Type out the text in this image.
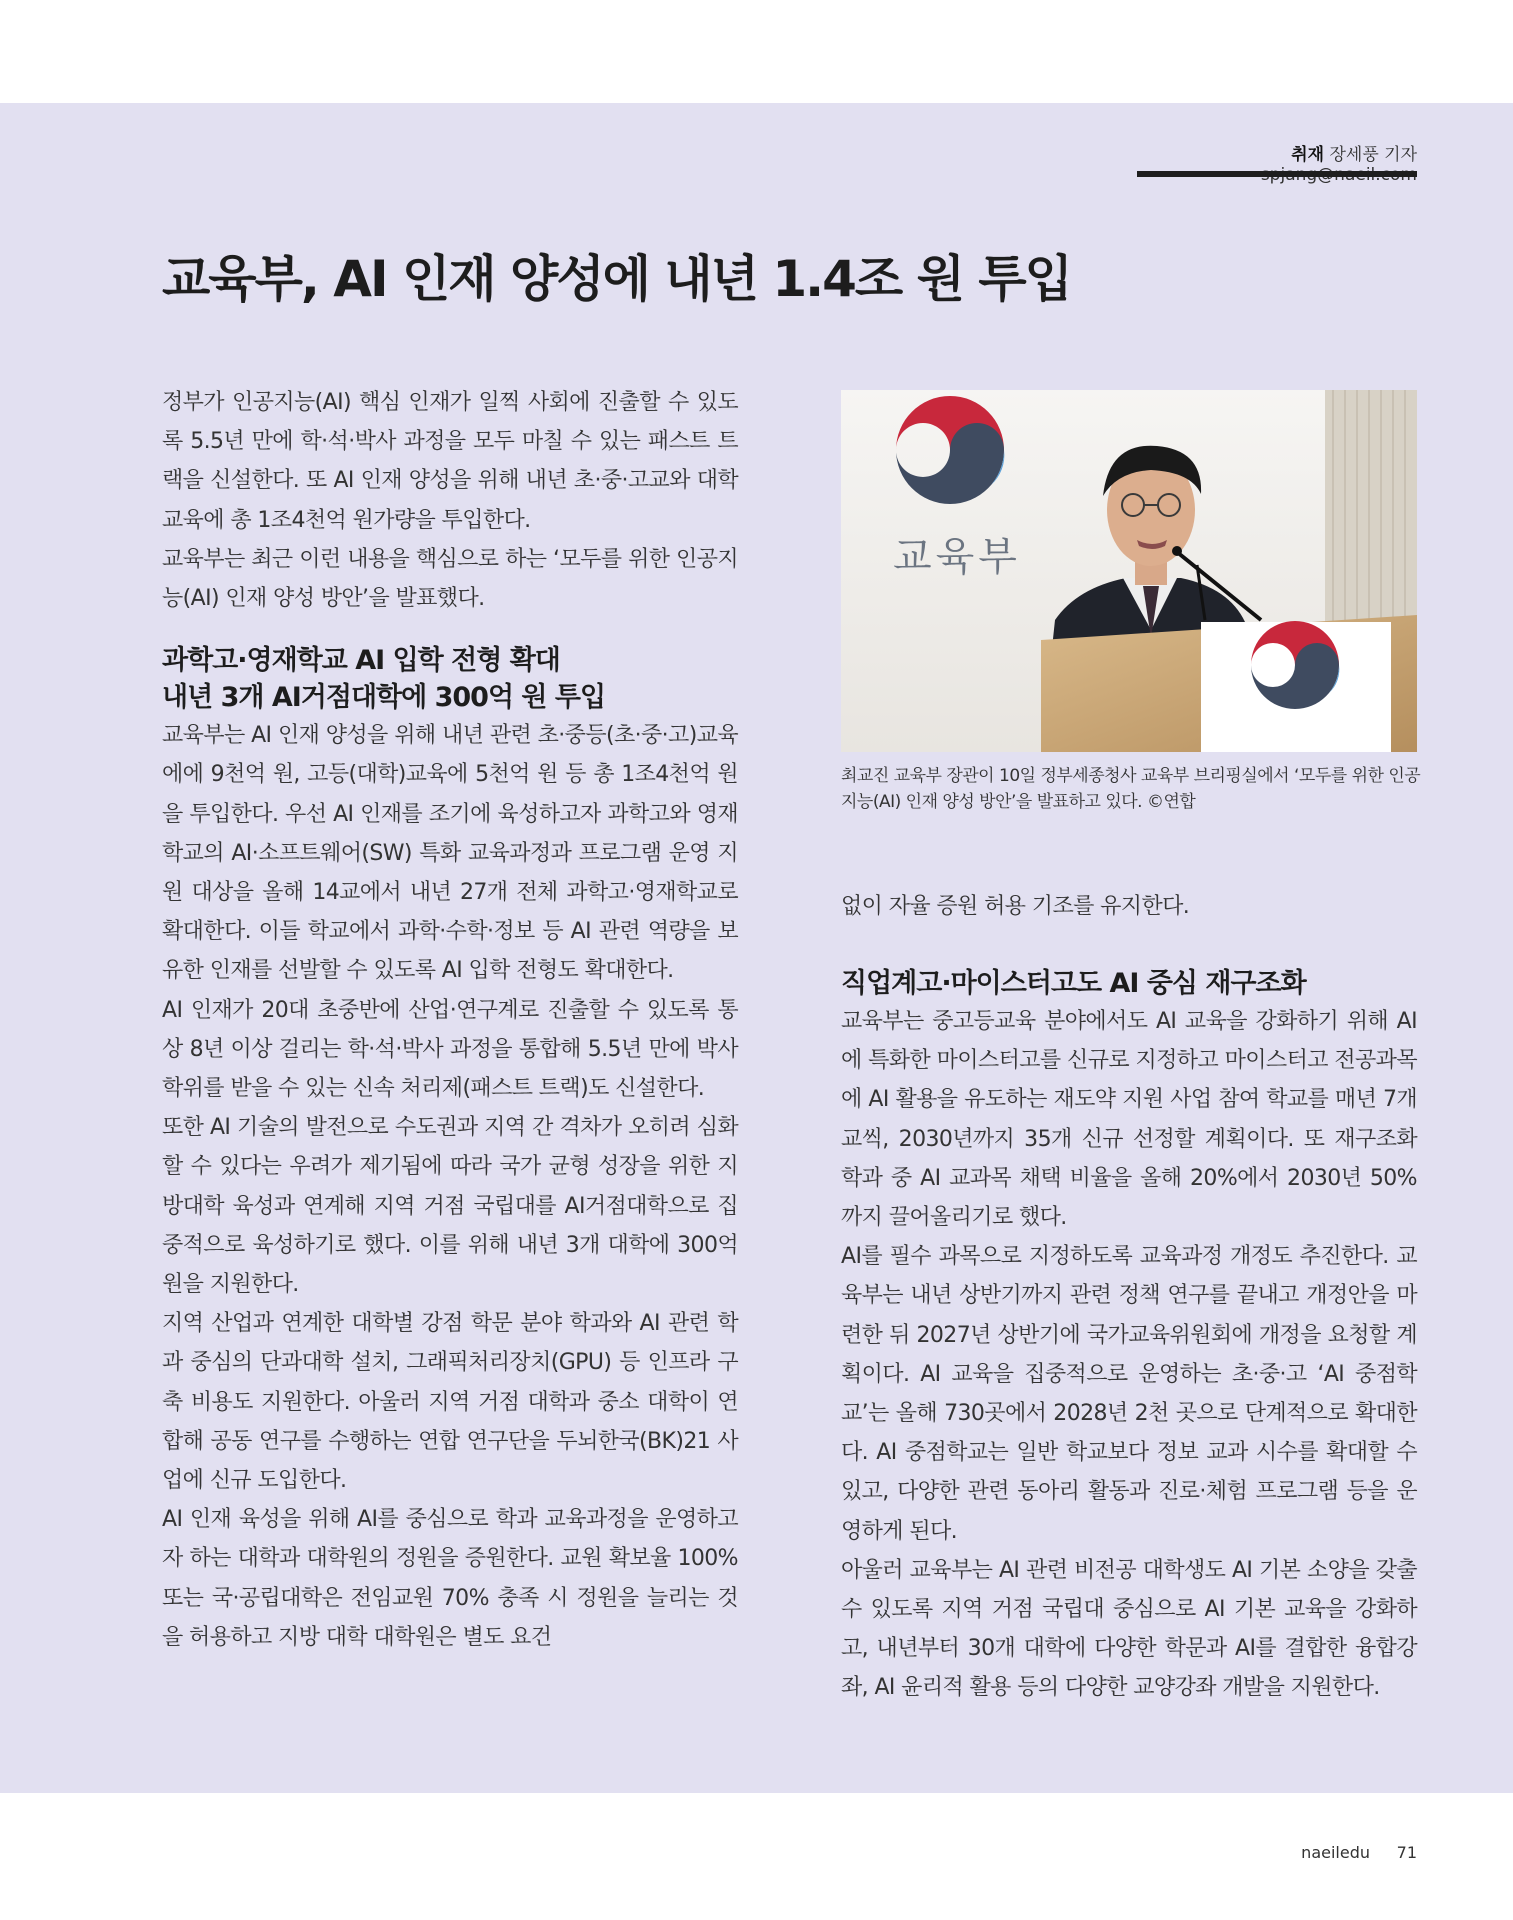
취재 장세풍 기자
교육부, AI 인재 양성에 내년 1.4조 원 투입

정부가 인공지능(AI) 핵심 인재가 일찍 사회에 진출할 수 있도록 5.5년 만에 학·석·박사 과정을 모두 마칠 수 있는 패스트 트랙을 신설한다. 또 AI 인재 양성을 위해 내년 초·중·고교와 대학 교육에 총 1조4천억 원가량을 투입한다.

교육부는 최근 이런 내용을 핵심으로 하는 ‘모두를 위한 인공지능(AI) 인재 양성 방안’을 발표했다.

과학고·영재학교 AI 입학 전형 확대
내년 3개 AI거점대학에 300억 원 투입

교육부는 AI 인재 양성을 위해 내년 관련 초·중등(초·중·고)교육에에 9천억 원, 고등(대학)교육에 5천억 원 등 총 1조4천억 원을 투입한다. 우선 AI 인재를 조기에 육성하고자 과학고와 영재학교의 AI·소프트웨어(SW) 특화 교육과정과 프로그램 운영 지원 대상을 올해 14교에서 내년 27개 전체 과학고·영재학교로 확대한다. 이들 학교에서 과학·수학·정보 등 AI 관련 역량을 보유한 인재를 선발할 수 있도록 AI 입학 전형도 확대한다.

AI 인재가 20대 초중반에 산업·연구계로 진출할 수 있도록 통상 8년 이상 걸리는 학·석·박사 과정을 통합해 5.5년 만에 박사 학위를 받을 수 있는 신속 처리제(패스트 트랙)도 신설한다.

또한 AI 기술의 발전으로 수도권과 지역 간 격차가 오히려 심화할 수 있다는 우려가 제기됨에 따라 국가 균형 성장을 위한 지방대학 육성과 연계해 지역 거점 국립대를 AI거점대학으로 집중적으로 육성하기로 했다. 이를 위해 내년 3개 대학에 300억 원을 지원한다.

지역 산업과 연계한 대학별 강점 학문 분야 학과와 AI 관련 학과 중심의 단과대학 설치, 그래픽처리장치(GPU) 등 인프라 구축 비용도 지원한다. 아울러 지역 거점 대학과 중소 대학이 연합해 공동 연구를 수행하는 연합 연구단을 두뇌한국(BK)21 사업에 신규 도입한다.

AI 인재 육성을 위해 AI를 중심으로 학과 교육과정을 운영하고자 하는 대학과 대학원의 정원을 증원한다. 교원 확보율 100% 또는 국·공립대학은 전임교원 70% 충족 시 정원을 늘리는 것을 허용하고 지방 대학 대학원은 별도 요건

교육부
최교진 교육부 장관이 10일 정부세종청사 교육부 브리핑실에서 ‘모두를 위한 인공지능(AI) 인재 양성 방안’을 발표하고 있다. ©연합

없이 자율 증원 허용 기조를 유지한다.

직업계고·마이스터고도 AI 중심 재구조화

교육부는 중고등교육 분야에서도 AI 교육을 강화하기 위해 AI에 특화한 마이스터고를 신규로 지정하고 마이스터고 전공과목에 AI 활용을 유도하는 재도약 지원 사업 참여 학교를 매년 7개교씩, 2030년까지 35개 신규 선정할 계획이다. 또 재구조화 학과 중 AI 교과목 채택 비율을 올해 20%에서 2030년 50%까지 끌어올리기로 했다.

AI를 필수 과목으로 지정하도록 교육과정 개정도 추진한다. 교육부는 내년 상반기까지 관련 정책 연구를 끝내고 개정안을 마련한 뒤 2027년 상반기에 국가교육위원회에 개정을 요청할 계획이다. AI 교육을 집중적으로 운영하는 초·중·고 ‘AI 중점학교’는 올해 730곳에서 2028년 2천 곳으로 단계적으로 확대한다. AI 중점학교는 일반 학교보다 정보 교과 시수를 확대할 수 있고, 다양한 관련 동아리 활동과 진로·체험 프로그램 등을 운영하게 된다.

아울러 교육부는 AI 관련 비전공 대학생도 AI 기본 소양을 갖출 수 있도록 지역 거점 국립대 중심으로 AI 기본 교육을 강화하고, 내년부터 30개 대학에 다양한 학문과 AI를 결합한 융합강좌, AI 윤리적 활용 등의 다양한 교양강좌 개발을 지원한다.

naeiledu	71
